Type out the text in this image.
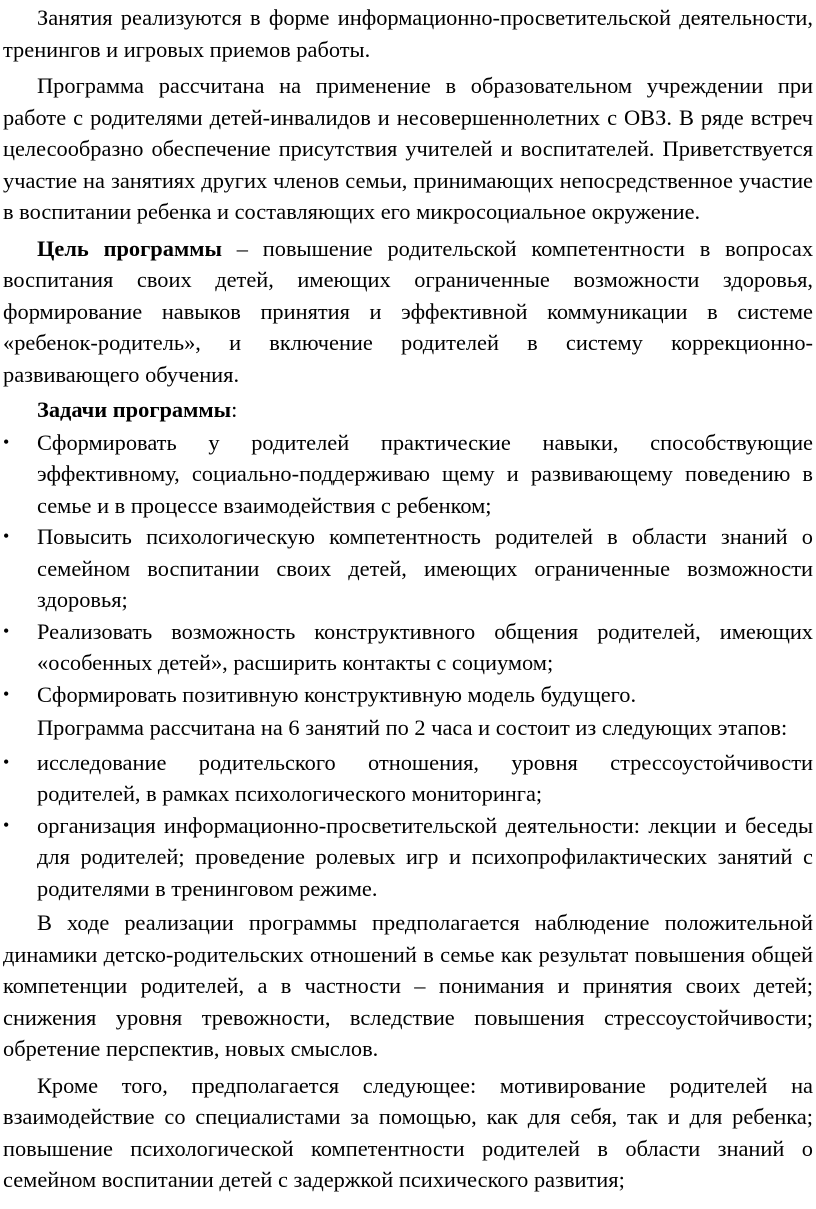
Занятия реализуются в форме информационно-просветительской деятельности, тренингов и игровых приемов работы.

Программа рассчитана на применение в образовательном учреждении при работе с родителями детей-инвалидов и несовершеннолетних с ОВЗ. В ряде встреч целесообразно обеспечение присутствия учителей и воспитателей. Приветствуется участие на занятиях других членов семьи, принимающих непосредственное участие в воспитании ребенка и составляющих его микросоциальное окружение.

Цель программы – повышение родительской компетентности в вопросах воспитания своих детей, имеющих ограниченные возможности здоровья, формирование навыков принятия и эффективной коммуникации в системе «ребенок-родитель», и включение родителей в систему коррекционно-развивающего обучения.

Задачи программы:

•	Сформировать у родителей практические навыки, способствующие эффективному, социально-поддерживаю щему и развивающему поведению в семье и в процессе взаимодействия с ребенком;
•	Повысить психологическую компетентность родителей в области знаний о семейном воспитании своих детей, имеющих ограниченные возможности здоровья;
•	Реализовать возможность конструктивного общения родителей, имеющих «особенных детей», расширить контакты с социумом;
•	Сформировать позитивную конструктивную модель будущего.

Программа рассчитана на 6 занятий по 2 часа и состоит из следующих этапов:

•	исследование родительского отношения, уровня стрессоустойчивости родителей, в рамках психологического мониторинга;
•	организация информационно-просветительской деятельности: лекции и беседы для родителей; проведение ролевых игр и психопрофилактических занятий с родителями в тренинговом режиме.

В ходе реализации программы предполагается наблюдение положительной динамики детско-родительских отношений в семье как результат повышения общей компетенции родителей, а в частности – понимания и принятия своих детей; снижения уровня тревожности, вследствие повышения стрессоустойчивости; обретение перспектив, новых смыслов.

Кроме того, предполагается следующее: мотивирование родителей на взаимодействие со специалистами за помощью, как для себя, так и для ребенка; повышение психологической компетентности родителей в области знаний о семейном воспитании детей с задержкой психического развития;
